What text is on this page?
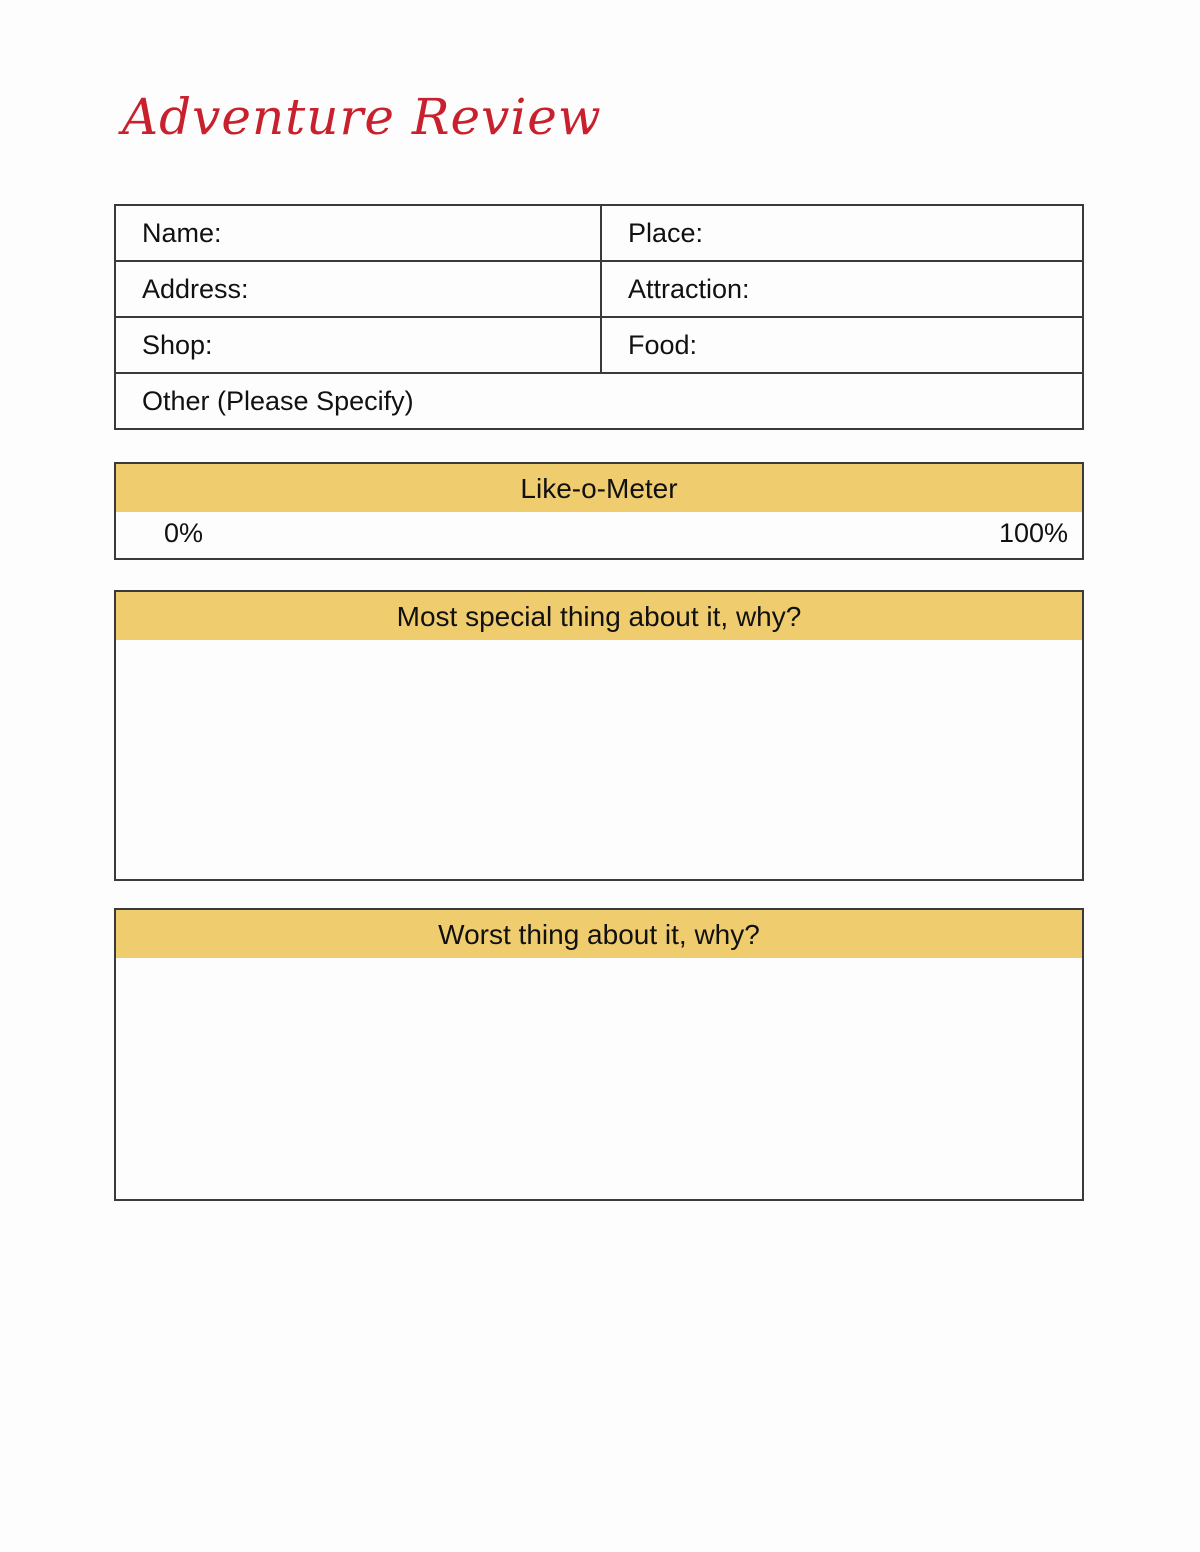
Adventure Review
Name:	Place:
Address:	Attraction:
Shop:	Food:
Other (Please Specify)	
Like-o-Meter
0%	100%
Most special thing about it, why?
Worst thing about it, why?
